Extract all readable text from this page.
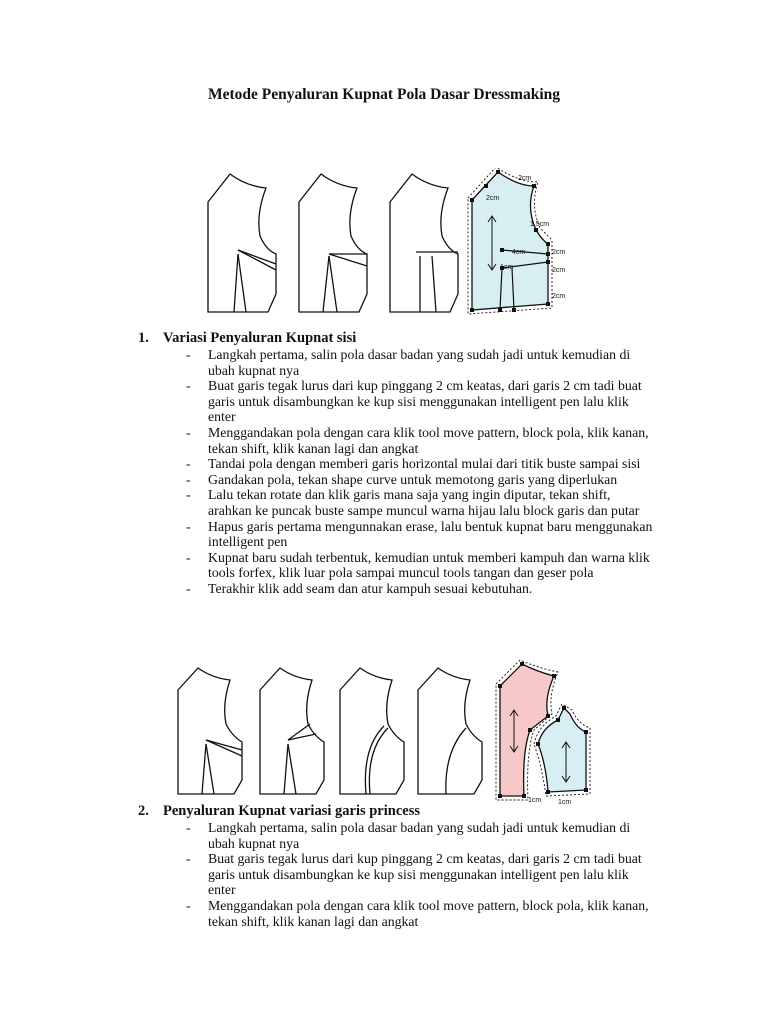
Metode Penyaluran Kupnat Pola Dasar Dressmaking
2cm
2cm
1,5cm
4cm	2cm
1cm	2cm
2cm
1. Variasi Penyaluran Kupnat sisi
- Langkah pertama, salin pola dasar badan yang sudah jadi untuk kemudian di ubah kupnat nya
- Buat garis tegak lurus dari kup pinggang 2 cm keatas, dari garis 2 cm tadi buat garis untuk disambungkan ke kup sisi menggunakan intelligent pen lalu klik enter
- Menggandakan pola dengan cara klik tool move pattern, block pola, klik kanan, tekan shift, klik kanan lagi dan angkat
- Tandai pola dengan memberi garis horizontal mulai dari titik buste sampai sisi
- Gandakan pola, tekan shape curve untuk memotong garis yang diperlukan
- Lalu tekan rotate dan klik garis mana saja yang ingin diputar, tekan shift, arahkan ke puncak buste sampe muncul warna hijau lalu block garis dan putar
- Hapus garis pertama mengunnakan erase, lalu bentuk kupnat baru menggunakan intelligent pen
- Kupnat baru sudah terbentuk, kemudian untuk memberi kampuh dan warna klik tools forfex, klik luar pola sampai muncul tools tangan dan geser pola
- Terakhir klik add seam dan atur kampuh sesuai kebutuhan.
1cm 1cm
2. Penyaluran Kupnat variasi garis princess
- Langkah pertama, salin pola dasar badan yang sudah jadi untuk kemudian di ubah kupnat nya
- Buat garis tegak lurus dari kup pinggang 2 cm keatas, dari garis 2 cm tadi buat garis untuk disambungkan ke kup sisi menggunakan intelligent pen lalu klik enter
- Menggandakan pola dengan cara klik tool move pattern, block pola, klik kanan, tekan shift, klik kanan lagi dan angkat
